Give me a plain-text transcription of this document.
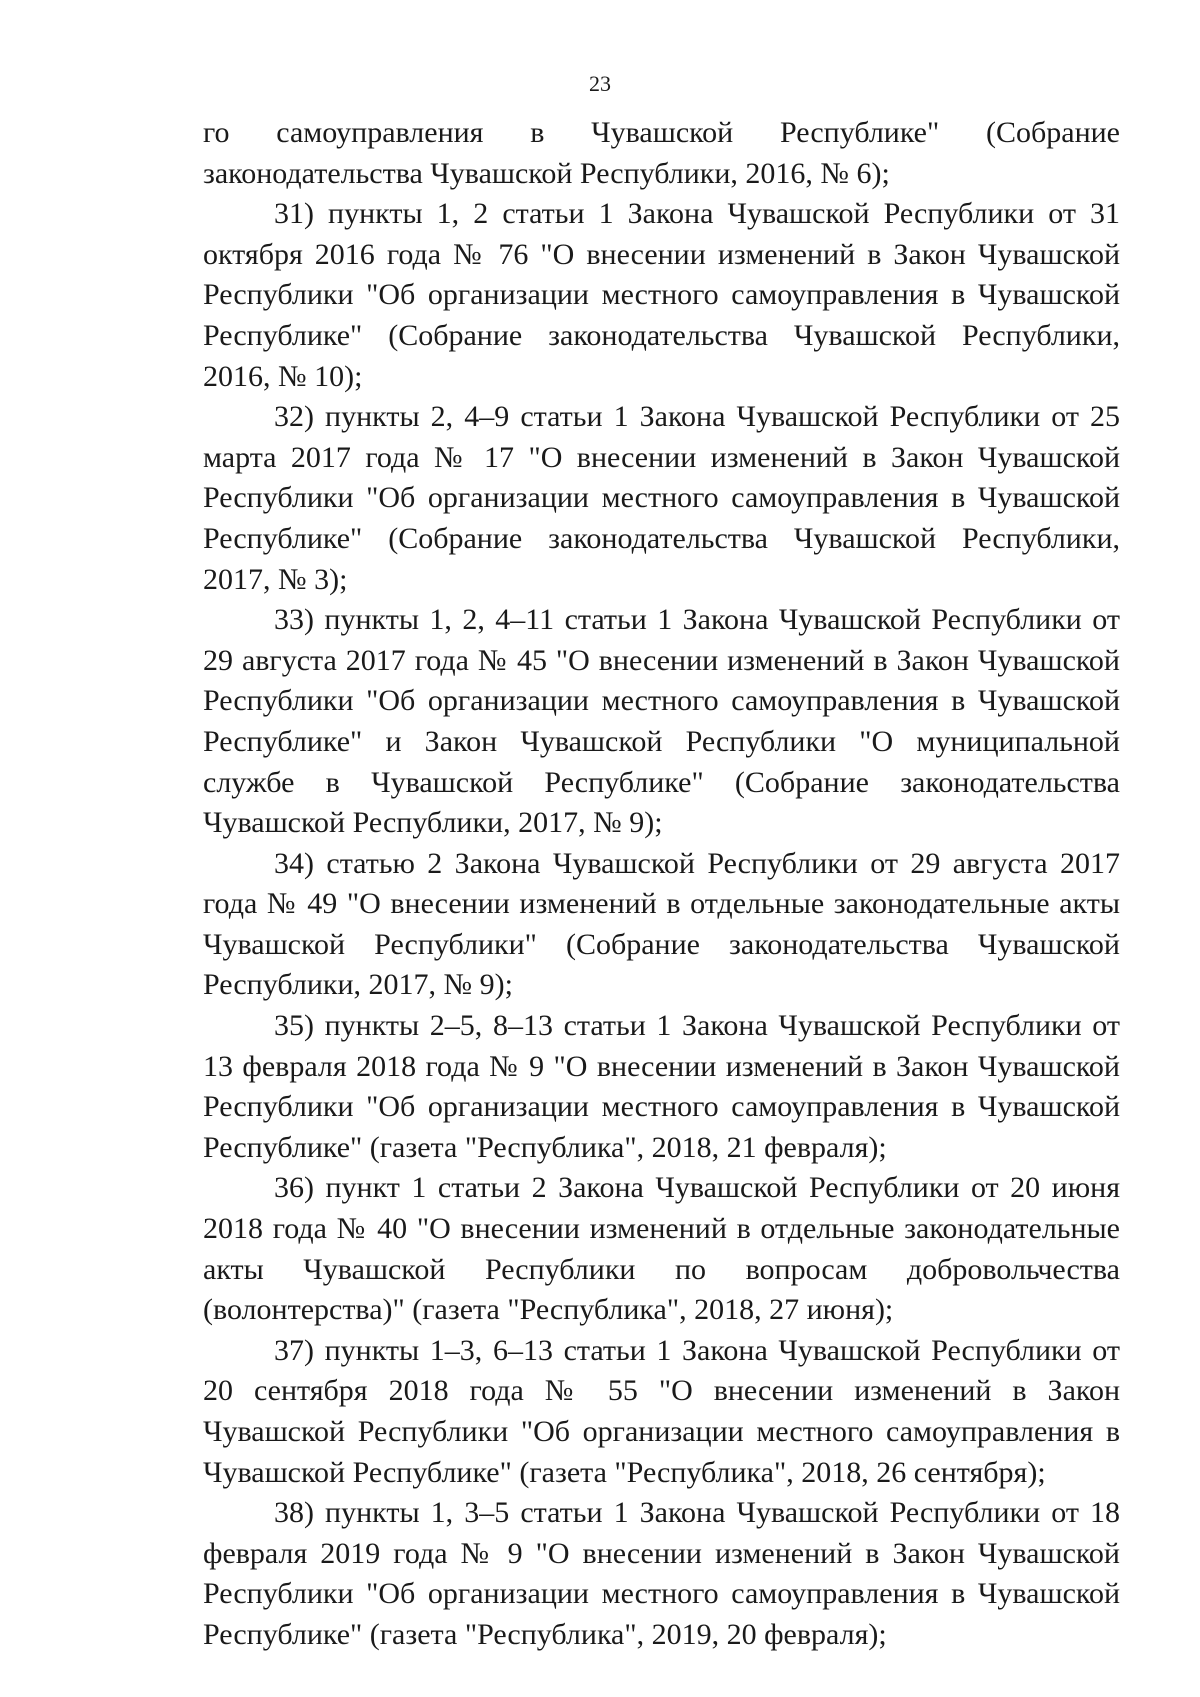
23

го самоуправления в Чувашской Республике" (Собрание законодательства Чувашской Республики, 2016, № 6);

31) пункты 1, 2 статьи 1 Закона Чувашской Республики от 31 октября 2016 года № 76 "О внесении изменений в Закон Чувашской Республики "Об организации местного самоуправления в Чувашской Республике" (Собрание законодательства Чувашской Республики, 2016, № 10);

32) пункты 2, 4–9 статьи 1 Закона Чувашской Республики от 25 марта 2017 года № 17 "О внесении изменений в Закон Чувашской Республики "Об организации местного самоуправления в Чувашской Республике" (Собрание законодательства Чувашской Республики, 2017, № 3);

33) пункты 1, 2, 4–11 статьи 1 Закона Чувашской Республики от 29 августа 2017 года № 45 "О внесении изменений в Закон Чувашской Республики "Об организации местного самоуправления в Чувашской Республике" и Закон Чувашской Республики "О муниципальной службе в Чувашской Республике" (Собрание законодательства Чувашской Республики, 2017, № 9);

34) статью 2 Закона Чувашской Республики от 29 августа 2017 года № 49 "О внесении изменений в отдельные законодательные акты Чувашской Республики" (Собрание законодательства Чувашской Республики, 2017, № 9);

35) пункты 2–5, 8–13 статьи 1 Закона Чувашской Республики от 13 февраля 2018 года № 9 "О внесении изменений в Закон Чувашской Республики "Об организации местного самоуправления в Чувашской Республике" (газета "Республика", 2018, 21 февраля);

36) пункт 1 статьи 2 Закона Чувашской Республики от 20 июня 2018 года № 40 "О внесении изменений в отдельные законодательные акты Чувашской Республики по вопросам добровольчества (волонтерства)" (газета "Республика", 2018, 27 июня);

37) пункты 1–3, 6–13 статьи 1 Закона Чувашской Республики от 20 сентября 2018 года № 55 "О внесении изменений в Закон Чувашской Республики "Об организации местного самоуправления в Чувашской Республике" (газета "Республика", 2018, 26 сентября);

38) пункты 1, 3–5 статьи 1 Закона Чувашской Республики от 18 февраля 2019 года № 9 "О внесении изменений в Закон Чувашской Республики "Об организации местного самоуправления в Чувашской Республике" (газета "Республика", 2019, 20 февраля);
